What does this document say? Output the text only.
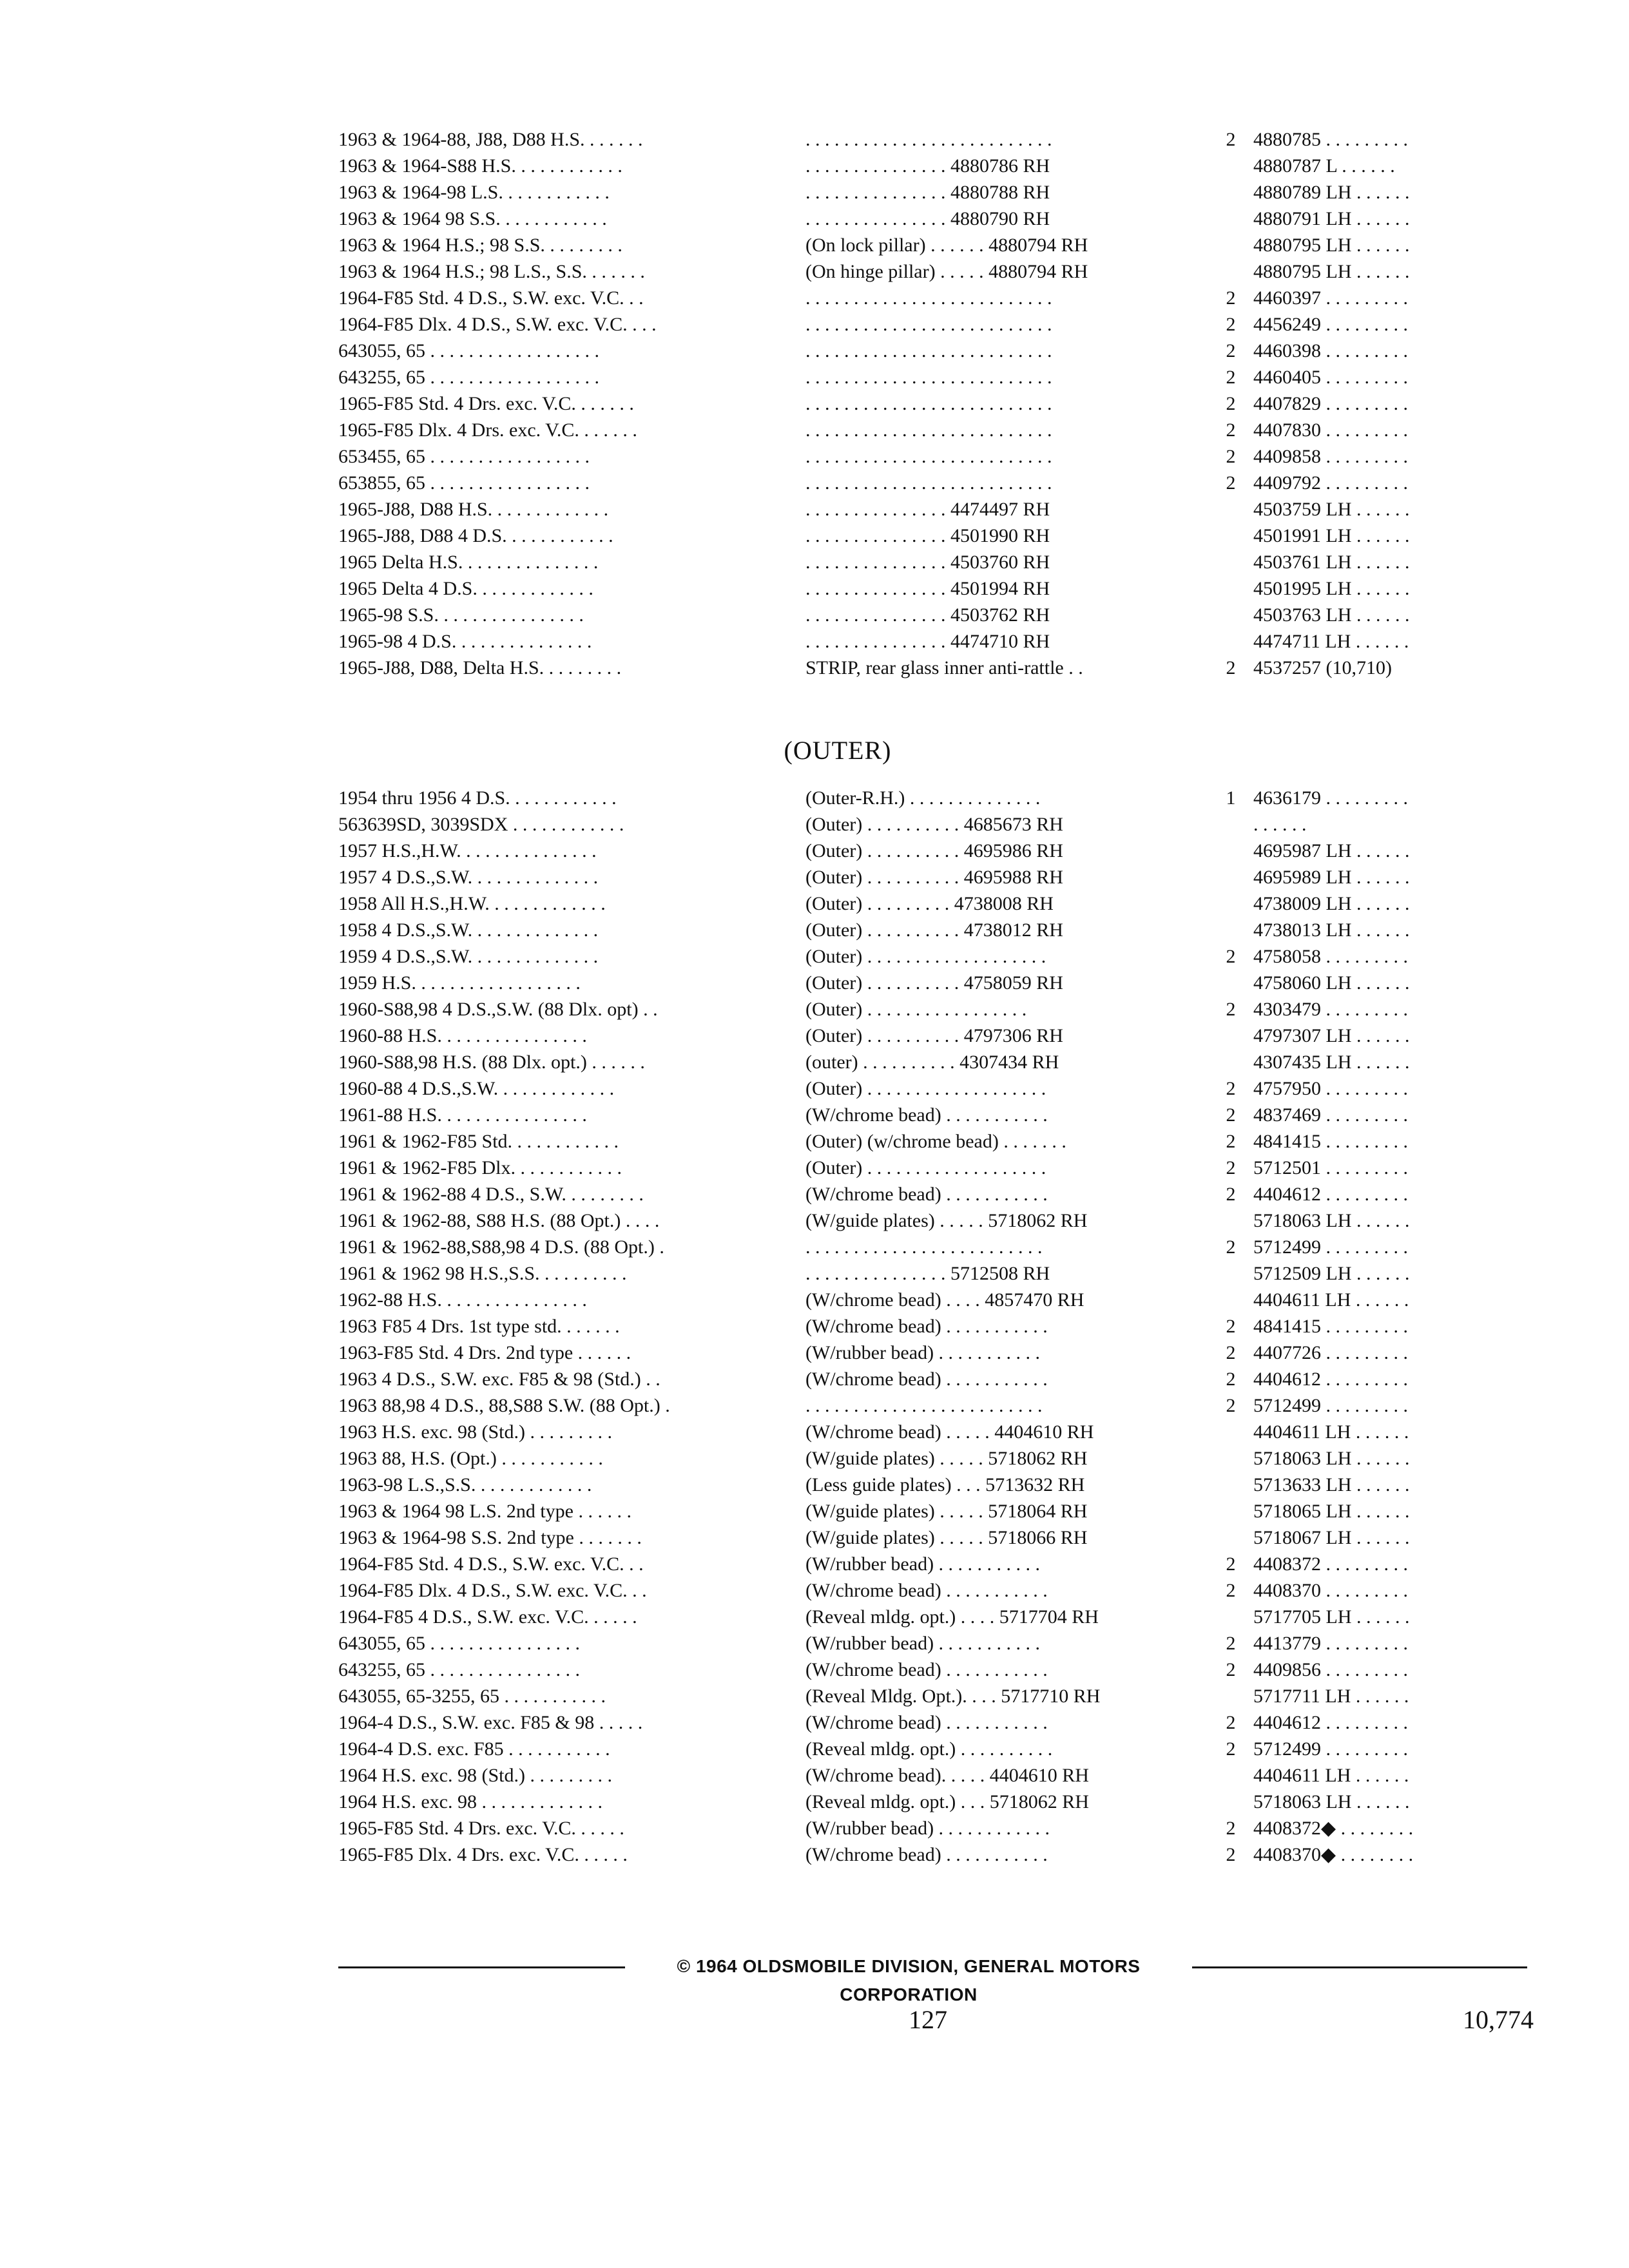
1963 & 1964-88, J88, D88 H.S. . . . . . .	. . . . . . . . . . . . . . . . . . . . . . . . . .	2 4880785 . . . . . . . . .
1963 & 1964-S88 H.S. . . . . . . . . . . .	. . . . . . . . . . . . . . . 4880786 RH	4880787 L . . . . . .
1963 & 1964-98 L.S. . . . . . . . . . . .	. . . . . . . . . . . . . . . 4880788 RH	4880789 LH . . . . . .
1963 & 1964 98 S.S. . . . . . . . . . . .	. . . . . . . . . . . . . . . 4880790 RH	4880791 LH . . . . . .
1963 & 1964 H.S.; 98 S.S. . . . . . . . .	(On lock pillar) . . . . . . 4880794 RH	4880795 LH . . . . . .
1963 & 1964 H.S.; 98 L.S., S.S. . . . . . .	(On hinge pillar) . . . . . 4880794 RH	4880795 LH . . . . . .
1964-F85 Std. 4 D.S., S.W. exc. V.C. . .	. . . . . . . . . . . . . . . . . . . . . . . . . .	2 4460397 . . . . . . . . .
1964-F85 Dlx. 4 D.S., S.W. exc. V.C. . . .	. . . . . . . . . . . . . . . . . . . . . . . . . .	2 4456249 . . . . . . . . .
643055, 65 . . . . . . . . . . . . . . . . . .	. . . . . . . . . . . . . . . . . . . . . . . . . .	2 4460398 . . . . . . . . .
643255, 65 . . . . . . . . . . . . . . . . . .	. . . . . . . . . . . . . . . . . . . . . . . . . .	2 4460405 . . . . . . . . .
1965-F85 Std. 4 Drs. exc. V.C. . . . . . .	. . . . . . . . . . . . . . . . . . . . . . . . . .	2 4407829 . . . . . . . . .
1965-F85 Dlx. 4 Drs. exc. V.C. . . . . . .	. . . . . . . . . . . . . . . . . . . . . . . . . .	2 4407830 . . . . . . . . .
653455, 65 . . . . . . . . . . . . . . . . .	. . . . . . . . . . . . . . . . . . . . . . . . . .	2 4409858 . . . . . . . . .
653855, 65 . . . . . . . . . . . . . . . . .	. . . . . . . . . . . . . . . . . . . . . . . . . .	2 4409792 . . . . . . . . .
1965-J88, D88 H.S. . . . . . . . . . . . .	. . . . . . . . . . . . . . . 4474497 RH	4503759 LH . . . . . .
1965-J88, D88 4 D.S. . . . . . . . . . . .	. . . . . . . . . . . . . . . 4501990 RH	4501991 LH . . . . . .
1965 Delta H.S. . . . . . . . . . . . . . .	. . . . . . . . . . . . . . . 4503760 RH	4503761 LH . . . . . .
1965 Delta 4 D.S. . . . . . . . . . . . .	. . . . . . . . . . . . . . . 4501994 RH	4501995 LH . . . . . .
1965-98 S.S. . . . . . . . . . . . . . . .	. . . . . . . . . . . . . . . 4503762 RH	4503763 LH . . . . . .
1965-98 4 D.S. . . . . . . . . . . . . . .	. . . . . . . . . . . . . . . 4474710 RH	4474711 LH . . . . . .
1965-J88, D88, Delta H.S. . . . . . . . .	STRIP, rear glass inner anti-rattle . .	2 4537257 (10,710)
(OUTER)
1954 thru 1956 4 D.S. . . . . . . . . . . .	(Outer-R.H.) . . . . . . . . . . . . . .	1 4636179 . . . . . . . . .
563639SD, 3039SDX . . . . . . . . . . . .	(Outer) . . . . . . . . . . 4685673 RH	. . . . . .
1957 H.S.,H.W. . . . . . . . . . . . . . .	(Outer) . . . . . . . . . . 4695986 RH	4695987 LH . . . . . .
1957 4 D.S.,S.W. . . . . . . . . . . . . .	(Outer) . . . . . . . . . . 4695988 RH	4695989 LH . . . . . .
1958 All H.S.,H.W. . . . . . . . . . . . .	(Outer) . . . . . . . . . 4738008 RH	4738009 LH . . . . . .
1958 4 D.S.,S.W. . . . . . . . . . . . . .	(Outer) . . . . . . . . . . 4738012 RH	4738013 LH . . . . . .
1959 4 D.S.,S.W. . . . . . . . . . . . . .	(Outer) . . . . . . . . . . . . . . . . . . .	2 4758058 . . . . . . . . .
1959 H.S. . . . . . . . . . . . . . . . . .	(Outer) . . . . . . . . . . 4758059 RH	4758060 LH . . . . . .
1960-S88,98 4 D.S.,S.W. (88 Dlx. opt) . .	(Outer) . . . . . . . . . . . . . . . . .	2 4303479 . . . . . . . . .
1960-88 H.S. . . . . . . . . . . . . . . .	(Outer) . . . . . . . . . . 4797306 RH	4797307 LH . . . . . .
1960-S88,98 H.S. (88 Dlx. opt.) . . . . . .	(outer) . . . . . . . . . . 4307434 RH	4307435 LH . . . . . .
1960-88 4 D.S.,S.W. . . . . . . . . . . . .	(Outer) . . . . . . . . . . . . . . . . . . .	2 4757950 . . . . . . . . .
1961-88 H.S. . . . . . . . . . . . . . . .	(W/chrome bead) . . . . . . . . . . .	2 4837469 . . . . . . . . .
1961 & 1962-F85 Std. . . . . . . . . . . .	(Outer) (w/chrome bead) . . . . . . .	2 4841415 . . . . . . . . .
1961 & 1962-F85 Dlx. . . . . . . . . . . .	(Outer) . . . . . . . . . . . . . . . . . . .	2 5712501 . . . . . . . . .
1961 & 1962-88 4 D.S., S.W. . . . . . . . .	(W/chrome bead) . . . . . . . . . . .	2 4404612 . . . . . . . . .
1961 & 1962-88, S88 H.S. (88 Opt.) . . . .	(W/guide plates) . . . . . 5718062 RH	5718063 LH . . . . . .
1961 & 1962-88,S88,98 4 D.S. (88 Opt.) .	. . . . . . . . . . . . . . . . . . . . . . . . .	2 5712499 . . . . . . . . .
1961 & 1962 98 H.S.,S.S. . . . . . . . . .	. . . . . . . . . . . . . . . 5712508 RH	5712509 LH . . . . . .
1962-88 H.S. . . . . . . . . . . . . . . .	(W/chrome bead) . . . . 4857470 RH	4404611 LH . . . . . .
1963 F85 4 Drs. 1st type std. . . . . . .	(W/chrome bead) . . . . . . . . . . .	2 4841415 . . . . . . . . .
1963-F85 Std. 4 Drs. 2nd type . . . . . .	(W/rubber bead) . . . . . . . . . . .	2 4407726 . . . . . . . . .
1963 4 D.S., S.W. exc. F85 & 98 (Std.) . .	(W/chrome bead) . . . . . . . . . . .	2 4404612 . . . . . . . . .
1963 88,98 4 D.S., 88,S88 S.W. (88 Opt.) .	. . . . . . . . . . . . . . . . . . . . . . . . .	2 5712499 . . . . . . . . .
1963 H.S. exc. 98 (Std.) . . . . . . . . .	(W/chrome bead) . . . . . 4404610 RH	4404611 LH . . . . . .
1963 88, H.S. (Opt.) . . . . . . . . . . .	(W/guide plates) . . . . . 5718062 RH	5718063 LH . . . . . .
1963-98 L.S.,S.S. . . . . . . . . . . . .	(Less guide plates) . . . 5713632 RH	5713633 LH . . . . . .
1963 & 1964 98 L.S. 2nd type . . . . . .	(W/guide plates) . . . . . 5718064 RH	5718065 LH . . . . . .
1963 & 1964-98 S.S. 2nd type . . . . . . .	(W/guide plates) . . . . . 5718066 RH	5718067 LH . . . . . .
1964-F85 Std. 4 D.S., S.W. exc. V.C. . .	(W/rubber bead) . . . . . . . . . . .	2 4408372 . . . . . . . . .
1964-F85 Dlx. 4 D.S., S.W. exc. V.C. . .	(W/chrome bead) . . . . . . . . . . .	2 4408370 . . . . . . . . .
1964-F85 4 D.S., S.W. exc. V.C. . . . . .	(Reveal mldg. opt.) . . . . 5717704 RH	5717705 LH . . . . . .
643055, 65 . . . . . . . . . . . . . . . .	(W/rubber bead) . . . . . . . . . . .	2 4413779 . . . . . . . . .
643255, 65 . . . . . . . . . . . . . . . .	(W/chrome bead) . . . . . . . . . . .	2 4409856 . . . . . . . . .
643055, 65-3255, 65 . . . . . . . . . . .	(Reveal Mldg. Opt.). . . . 5717710 RH	5717711 LH . . . . . .
1964-4 D.S., S.W. exc. F85 & 98 . . . . .	(W/chrome bead) . . . . . . . . . . .	2 4404612 . . . . . . . . .
1964-4 D.S. exc. F85 . . . . . . . . . . .	(Reveal mldg. opt.) . . . . . . . . . .	2 5712499 . . . . . . . . .
1964 H.S. exc. 98 (Std.) . . . . . . . . .	(W/chrome bead). . . . . 4404610 RH	4404611 LH . . . . . .
1964 H.S. exc. 98 . . . . . . . . . . . . .	(Reveal mldg. opt.) . . . 5718062 RH	5718063 LH . . . . . .
1965-F85 Std. 4 Drs. exc. V.C. . . . . .	(W/rubber bead) . . . . . . . . . . . .	2 4408372◆ . . . . . . . .
1965-F85 Dlx. 4 Drs. exc. V.C. . . . . .	(W/chrome bead) . . . . . . . . . . .	2 4408370◆ . . . . . . . .
© 1964 OLDSMOBILE DIVISION, GENERAL MOTORS CORPORATION
127	10,774
